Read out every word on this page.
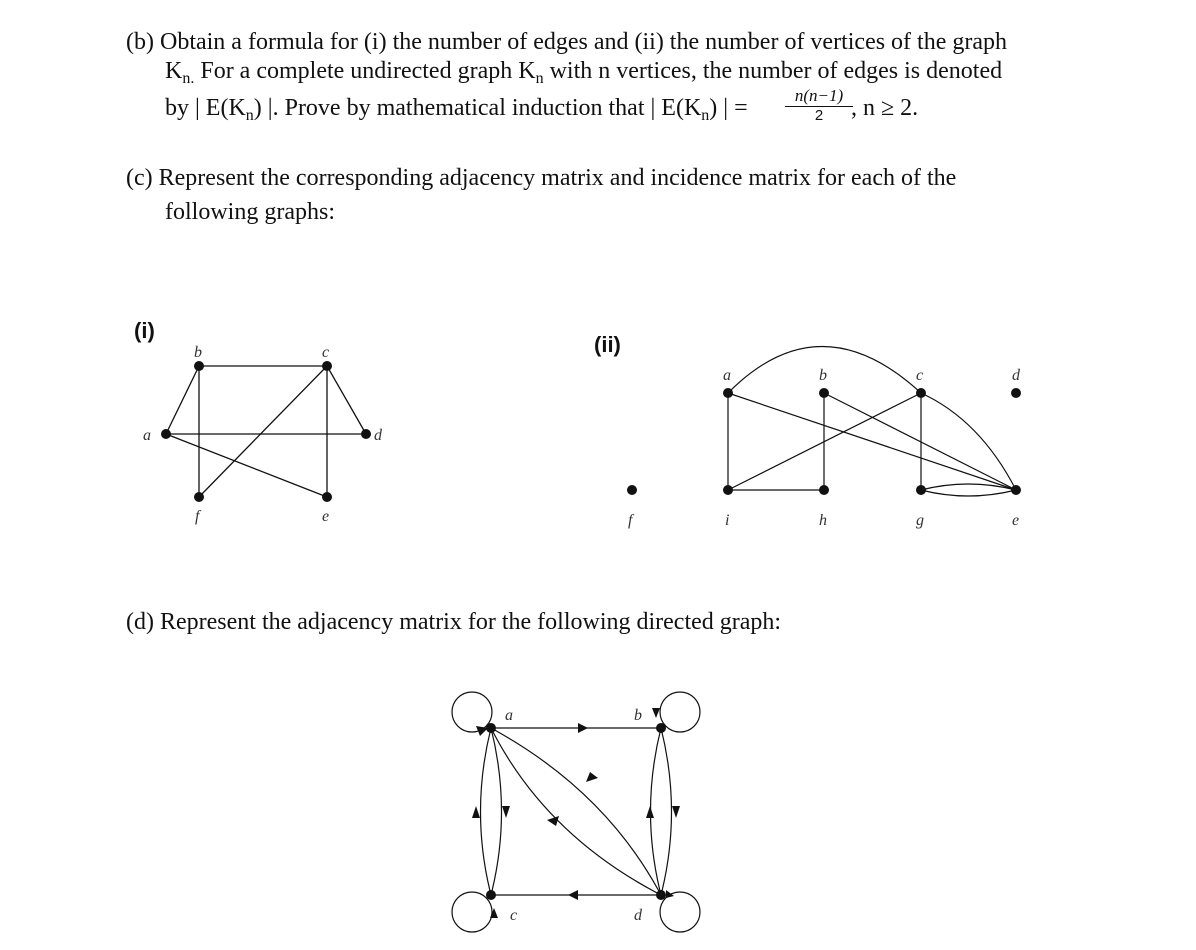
(b) Obtain a formula for (i) the number of edges and (ii) the number of vertices of the graph
$K_{n.}$ For a complete undirected graph $K_n$ with n vertices, the number of edges is denoted
by | $E(K_n)$ |. Prove by mathematical induction that | $E(K_n)$ | =	n(n−1)
2	, n ≥ 2.
(c) Represent the corresponding adjacency matrix and incidence matrix for each of the
following graphs:
(i)
(ii)
(d) Represent the adjacency matrix for the following directed graph:
b	c
a	d
f	e
a	b	c	d
f	i	h	g	e
a	b
c	d
